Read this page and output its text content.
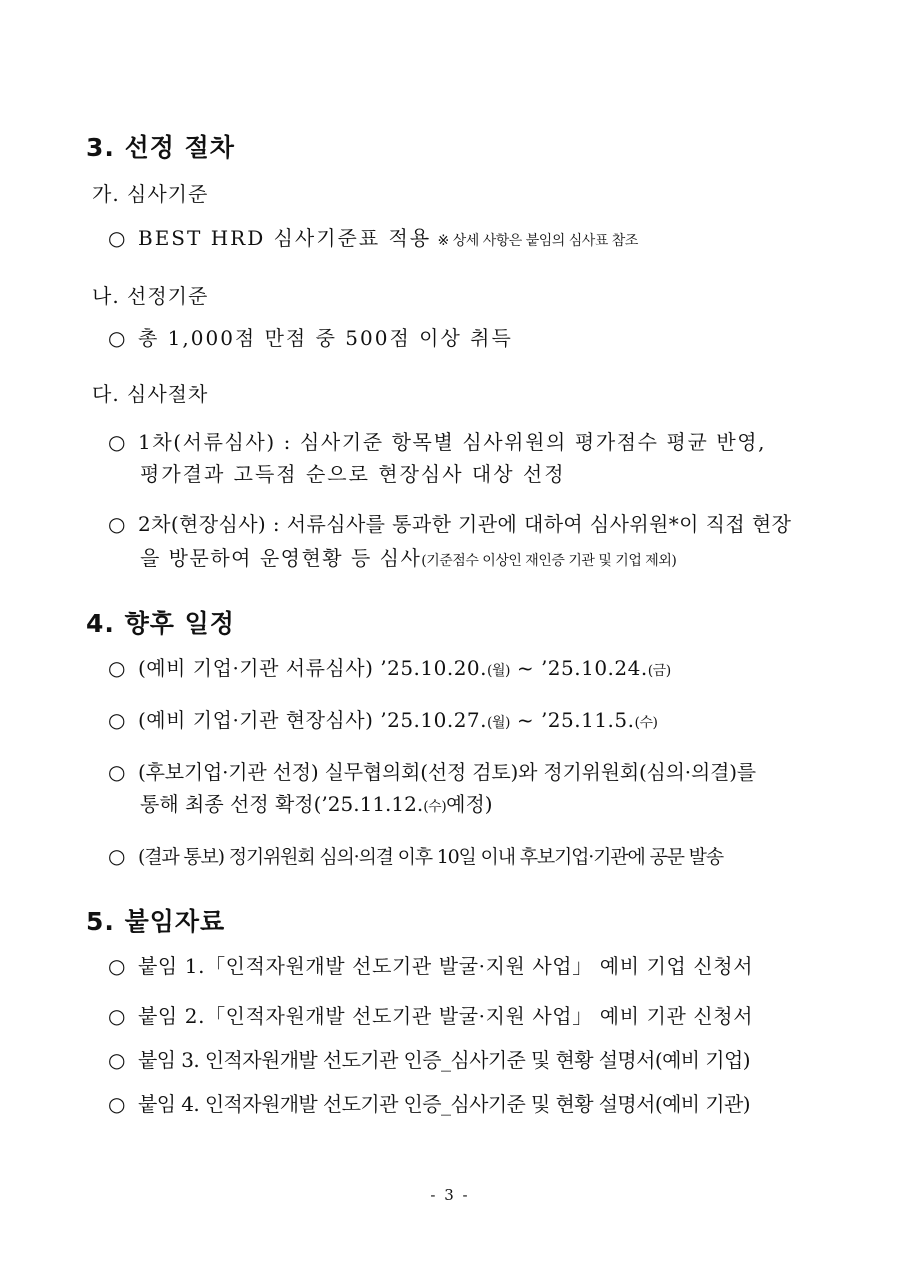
3. 선정 절차
가. 심사기준
○ BEST HRD 심사기준표 적용 ※ 상세 사항은 붙임의 심사표 참조
나. 선정기준
○ 총 1,000점 만점 중 500점 이상 취득
다. 심사절차
○ 1차(서류심사) : 심사기준 항목별 심사위원의 평가점수 평균 반영,
평가결과 고득점 순으로 현장심사 대상 선정
○ 2차(현장심사) : 서류심사를 통과한 기관에 대하여 심사위원*이 직접 현장
을 방문하여 운영현황 등 심사(기준점수 이상인 재인증 기관 및 기업 제외)
4. 향후 일정
○ (예비 기업·기관 서류심사) ’25.10.20.(월) ~ ’25.10.24.(금)
○ (예비 기업·기관 현장심사) ’25.10.27.(월) ~ ’25.11.5.(수)
○ (후보기업·기관 선정) 실무협의회(선정 검토)와 정기위원회(심의·의결)를
통해 최종 선정 확정(’25.11.12.(수)예정)
○ (결과 통보) 정기위원회 심의·의결 이후 10일 이내 후보기업·기관에 공문 발송
5. 붙임자료
○ 붙임 1.「인적자원개발 선도기관 발굴·지원 사업」 예비 기업 신청서
○ 붙임 2.「인적자원개발 선도기관 발굴·지원 사업」 예비 기관 신청서
○ 붙임 3. 인적자원개발 선도기관 인증_심사기준 및 현황 설명서(예비 기업)
○ 붙임 4. 인적자원개발 선도기관 인증_심사기준 및 현황 설명서(예비 기관)
- 3 -
